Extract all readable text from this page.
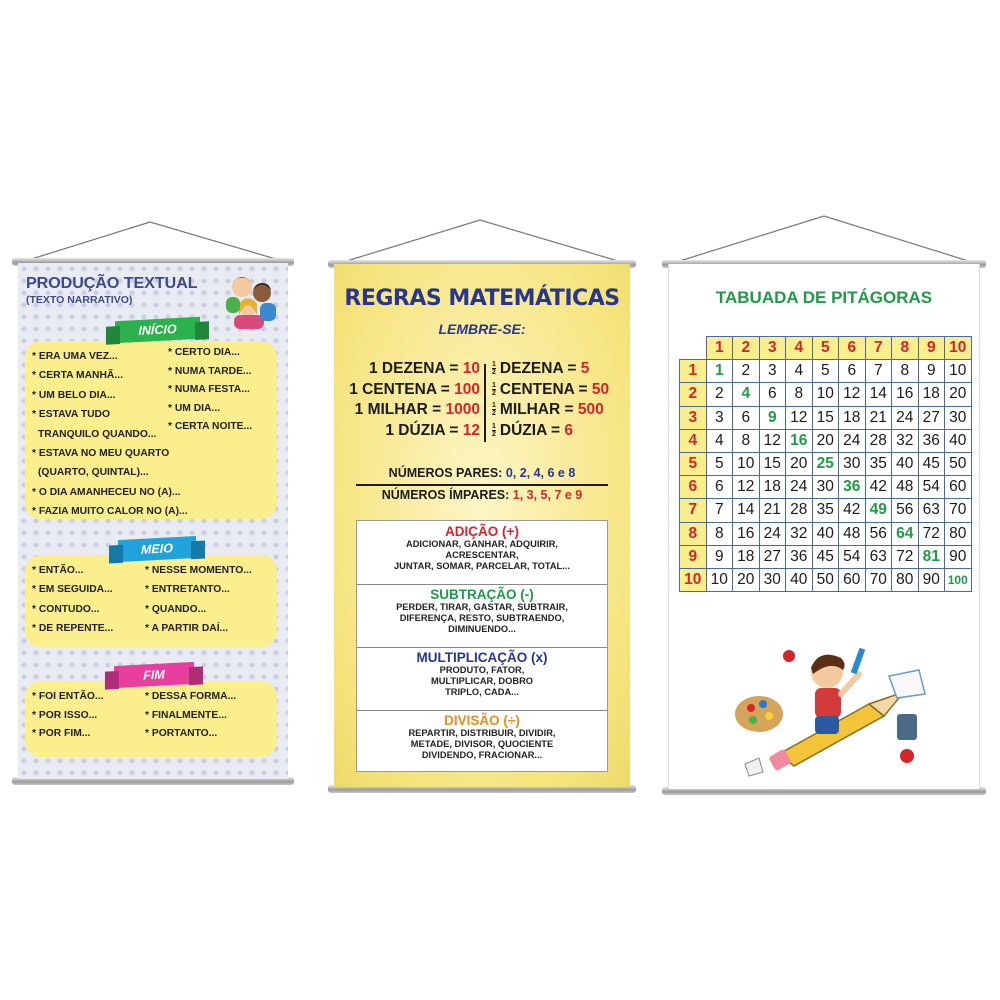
PRODUÇÃO TEXTUAL
(TEXTO NARRATIVO)
INÍCIO
* ERA UMA VEZ...
* CERTA MANHÃ...
* UM BELO DIA...
* ESTAVA TUDO
TRANQUILO QUANDO...
* ESTAVA NO MEU QUARTO
(QUARTO, QUINTAL)...
* O DIA AMANHECEU NO (A)...
* FAZIA MUITO CALOR NO (A)...
* CERTO DIA...
* NUMA TARDE...
* NUMA FESTA...
* UM DIA...
* CERTA NOITE...
MEIO
* ENTÃO...
* EM SEGUIDA...
* CONTUDO...
* DE REPENTE...
* NESSE MOMENTO...
* ENTRETANTO...
* QUANDO...
* A PARTIR DAÍ...
FIM
* FOI ENTÃO...
* POR ISSO...
* POR FIM...
* DESSA FORMA...
* FINALMENTE...
* PORTANTO...
REGRAS MATEMÁTICAS
LEMBRE-SE:
1 DEZENA = 10
1 CENTENA = 100
1 MILHAR = 1000
1 DÚZIA = 12
$\frac{1}{2}$ DEZENA = 5
$\frac{1}{2}$ CENTENA = 50
$\frac{1}{2}$ MILHAR = 500
$\frac{1}{2}$ DÚZIA = 6
NÚMEROS PARES: 0, 2, 4, 6 e 8
NÚMEROS ÍMPARES: 1, 3, 5, 7 e 9
ADIÇÃO (+)
ADICIONAR, GANHAR, ADQUIRIR,
ACRESCENTAR,
JUNTAR, SOMAR, PARCELAR, TOTAL...
SUBTRAÇÃO (-)
PERDER, TIRAR, GASTAR, SUBTRAIR,
DIFERENÇA, RESTO, SUBTRAENDO,
DIMINUENDO...
MULTIPLICAÇÃO (x)
PRODUTO, FATOR,
MULTIPLICAR, DOBRO
TRIPLO, CADA...
DIVISÃO (÷)
REPARTIR, DISTRIBUIR, DIVIDIR,
METADE, DIVISOR, QUOCIENTE
DIVIDENDO, FRACIONAR...
TABUADA DE PITÁGORAS
	1	2	3	4	5	6	7	8	9	10
1	1	2	3	4	5	6	7	8	9	10
2	2	4	6	8	10	12	14	16	18	20
3	3	6	9	12	15	18	21	24	27	30
4	4	8	12	16	20	24	28	32	36	40
5	5	10	15	20	25	30	35	40	45	50
6	6	12	18	24	30	36	42	48	54	60
7	7	14	21	28	35	42	49	56	63	70
8	8	16	24	32	40	48	56	64	72	80
9	9	18	27	36	45	54	63	72	81	90
10	10	20	30	40	50	60	70	80	90	100
